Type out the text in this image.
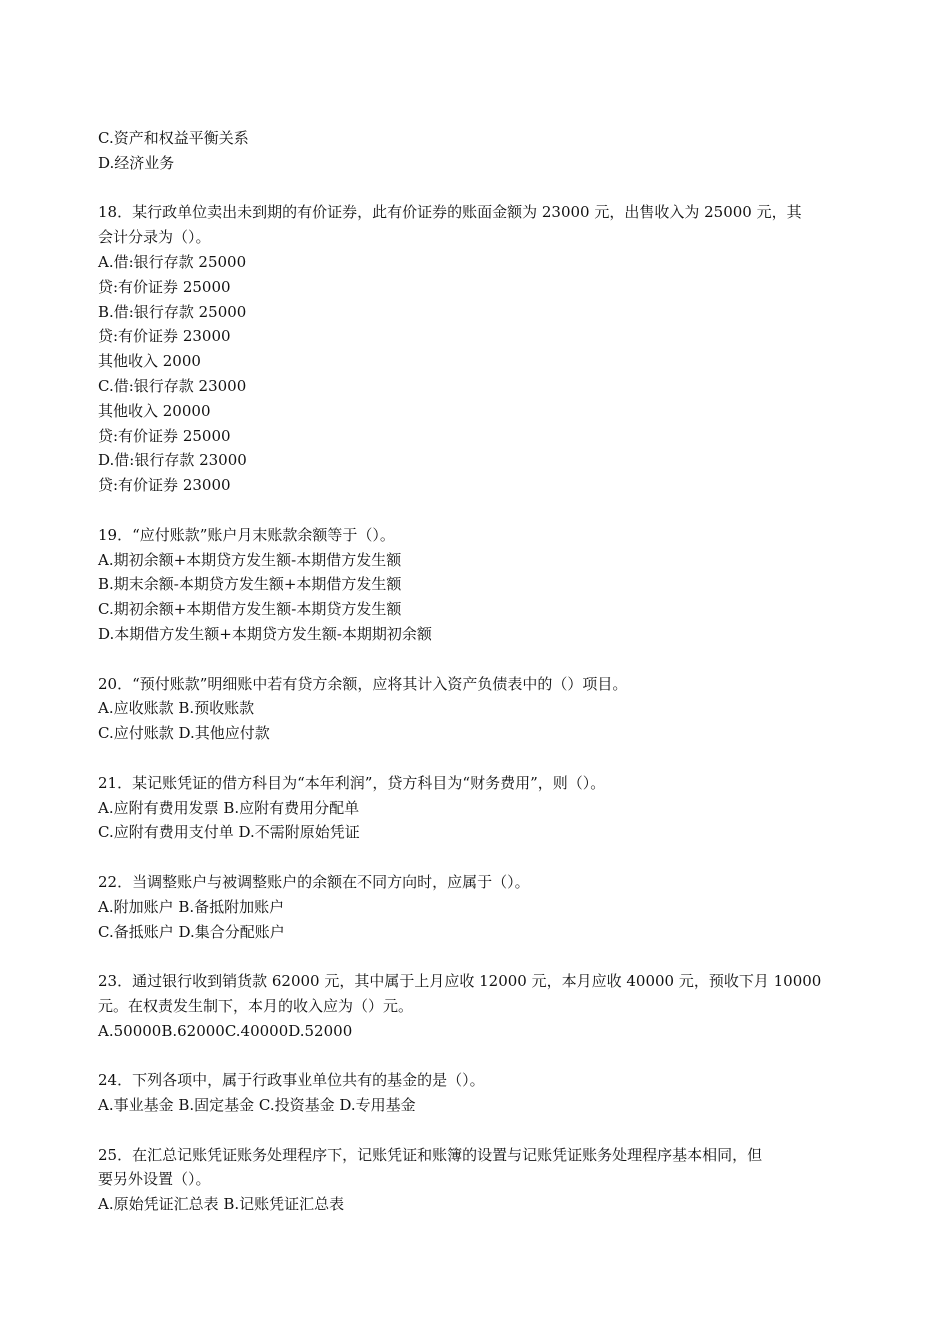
C.资产和权益平衡关系

D.经济业务

18．某行政单位卖出未到期的有价证券，此有价证券的账面金额为 23000 元，出售收入为 25000 元，其

会计分录为（）。

A.借:银行存款 25000

贷:有价证券 25000

B.借:银行存款 25000

贷:有价证券 23000

其他收入 2000

C.借:银行存款 23000

其他收入 20000

贷:有价证券 25000

D.借:银行存款 23000

贷:有价证券 23000

19．“应付账款”账户月末账款余额等于（）。

A.期初余额+本期贷方发生额-本期借方发生额

B.期末余额-本期贷方发生额+本期借方发生额

C.期初余额+本期借方发生额-本期贷方发生额

D.本期借方发生额+本期贷方发生额-本期期初余额

20．“预付账款”明细账中若有贷方余额，应将其计入资产负债表中的（）项目。

A.应收账款 B.预收账款

C.应付账款 D.其他应付款

21．某记账凭证的借方科目为“本年利润”，贷方科目为“财务费用”，则（）。

A.应附有费用发票 B.应附有费用分配单

C.应附有费用支付单 D.不需附原始凭证

22．当调整账户与被调整账户的余额在不同方向时，应属于（）。

A.附加账户 B.备抵附加账户

C.备抵账户 D.集合分配账户

23．通过银行收到销货款 62000 元，其中属于上月应收 12000 元，本月应收 40000 元，预收下月 10000

元。在权责发生制下，本月的收入应为（）元。

A.50000B.62000C.40000D.52000

24．下列各项中，属于行政事业单位共有的基金的是（）。

A.事业基金 B.固定基金 C.投资基金 D.专用基金

25．在汇总记账凭证账务处理程序下，记账凭证和账簿的设置与记账凭证账务处理程序基本相同，但

要另外设置（）。

A.原始凭证汇总表 B.记账凭证汇总表
